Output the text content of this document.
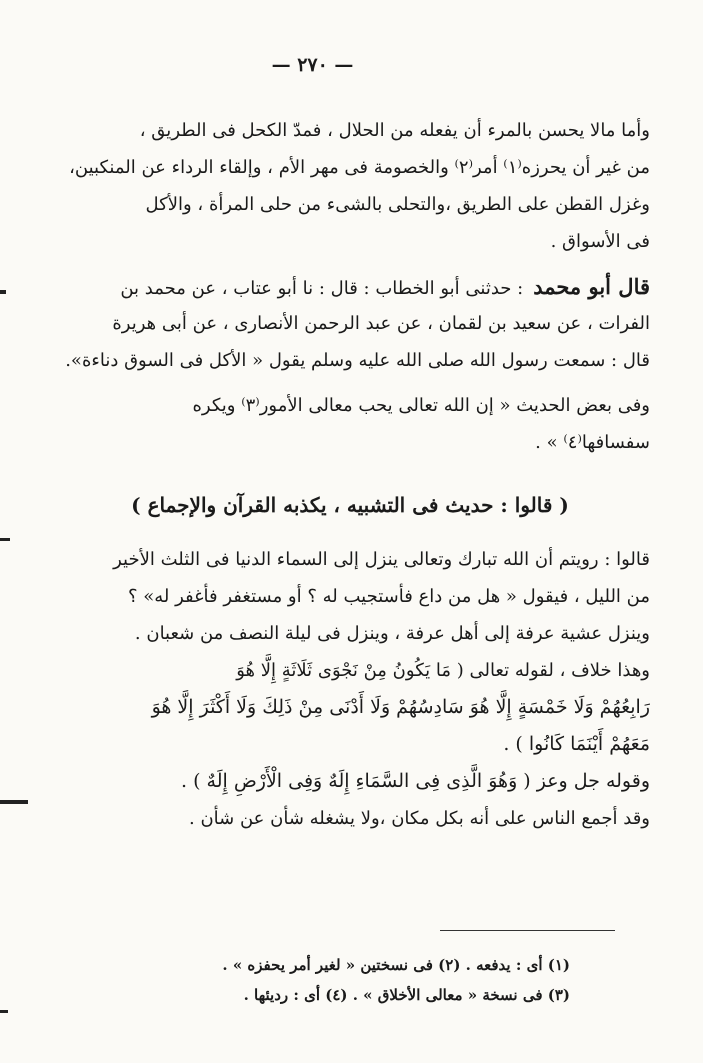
— ٢٧٠ —
وأما مالا يحسن بالمرء أن يفعله من الحلال ، فمدّ الكحل فى الطريق ،
من غير أن يحرزه⁽١⁾ أمر⁽٢⁾ والخصومة فى مهر الأم ، وإلقاء الرداء عن المنكبين،
وغزل القطن على الطريق ،والتحلى بالشىء من حلى المرأة ، والأكل
فى الأسواق .
قال أبو محمد: حدثنى أبو الخطاب : قال : نا أبو عتاب ، عن محمد بن
الفرات ، عن سعيد بن لقمان ، عن عبد الرحمن الأنصارى ، عن أبى هريرة
قال : سمعت رسول الله صلى الله عليه وسلم يقول « الأكل فى السوق دناءة».
وفى بعض الحديث « إن الله تعالى يحب معالى الأمور⁽٣⁾ ويكره
سفسافها⁽٤⁾ » .
( قالوا : حديث فى التشبيه ، يكذبه القرآن والإجماع )
قالوا : رويتم أن الله تبارك وتعالى ينزل إلى السماء الدنيا فى الثلث الأخير
من الليل ، فيقول « هل من داع فأستجيب له ؟ أو مستغفر فأغفر له» ؟
وينزل عشية عرفة إلى أهل عرفة ، وينزل فى ليلة النصف من شعبان .
وهذا خلاف ، لقوله تعالى ( مَا يَكُونُ مِنْ نَجْوَى ثَلَاثَةٍ إِلَّا هُوَ
رَابِعُهُمْ وَلَا خَمْسَةٍ إِلَّا هُوَ سَادِسُهُمْ وَلَا أَدْنَى مِنْ ذَلِكَ وَلَا أَكْثَرَ إِلَّا هُوَ
مَعَهُمْ أَيْنَمَا كَانُوا ) .
وقوله جل وعز ( وَهُوَ الَّذِى فِى السَّمَاءِ إِلَهٌ وَفِى الْأَرْضِ إِلَهٌ ) .
وقد أجمع الناس على أنه بكل مكان ،ولا يشغله شأن عن شأن .
(١) أى : يدفعه . (٢) فى نسختين « لغير أمر يحفزه » .
(٣) فى نسخة « معالى الأخلاق » . (٤) أى : رديئها .
